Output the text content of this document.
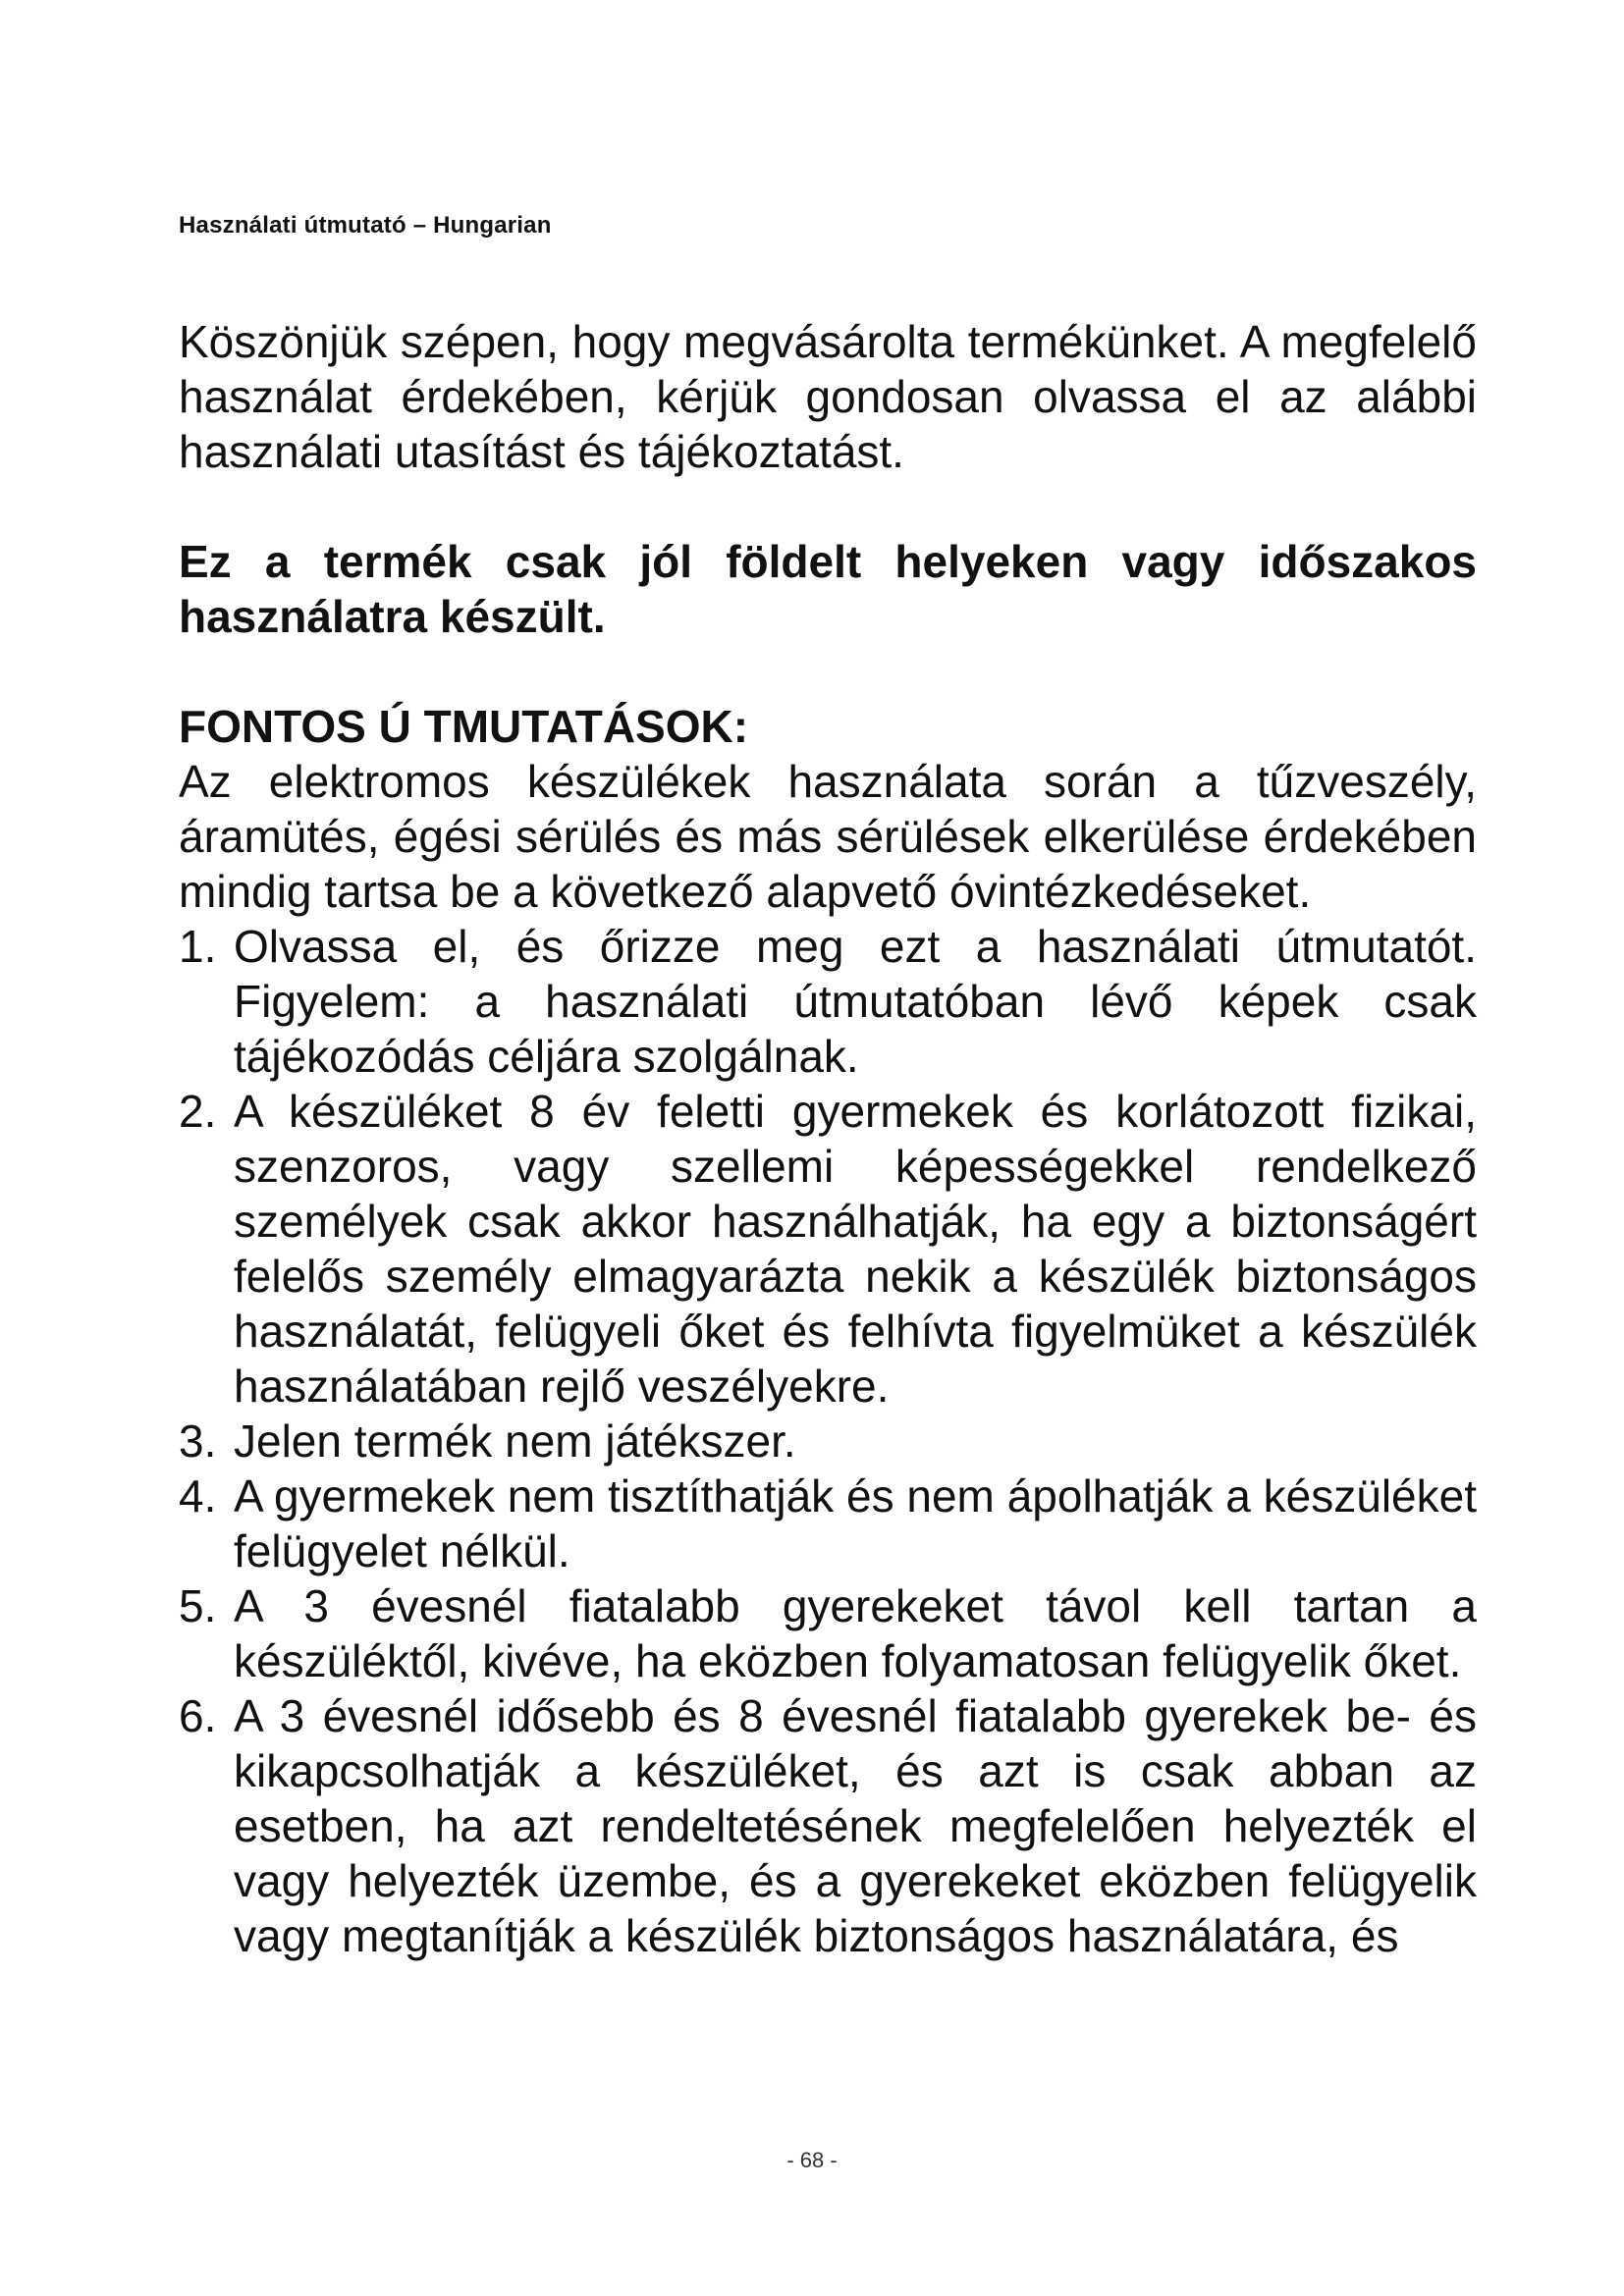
Használati útmutató – Hungarian

Köszönjük szépen, hogy megvásárolta termékünket. A megfelelő használat érdekében, kérjük gondosan olvassa el az alábbi használati utasítást és tájékoztatást.

Ez a termék csak jól földelt helyeken vagy időszakos használatra készült.

FONTOS Ú TMUTATÁSOK:

Az elektromos készülékek használata során a tűzveszély, áramütés, égési sérülés és más sérülések elkerülése érdekében mindig tartsa be a következő alapvető óvintézkedéseket.

1. Olvassa el, és őrizze meg ezt a használati útmutatót. Figyelem: a használati útmutatóban lévő képek csak tájékozódás céljára szolgálnak.
2. A készüléket 8 év feletti gyermekek és korlátozott fizikai, szenzoros, vagy szellemi képességekkel rendelkező személyek csak akkor használhatják, ha egy a biztonságért felelős személy elmagyarázta nekik a készülék biztonságos használatát, felügyeli őket és felhívta figyelmüket a készülék használatában rejlő veszélyekre.
3. Jelen termék nem játékszer.
4. A gyermekek nem tisztíthatják és nem ápolhatják a készüléket felügyelet nélkül.
5. A 3 évesnél fiatalabb gyerekeket távol kell tartan a készüléktől, kivéve, ha eközben folyamatosan felügyelik őket.
6. A 3 évesnél idősebb és 8 évesnél fiatalabb gyerekek be- és kikapcsolhatják a készüléket, és azt is csak abban az esetben, ha azt rendeltetésének megfelelően helyezték el vagy helyezték üzembe, és a gyerekeket eközben felügyelik vagy megtanítják a készülék biztonságos használatára, és
- 68 -
